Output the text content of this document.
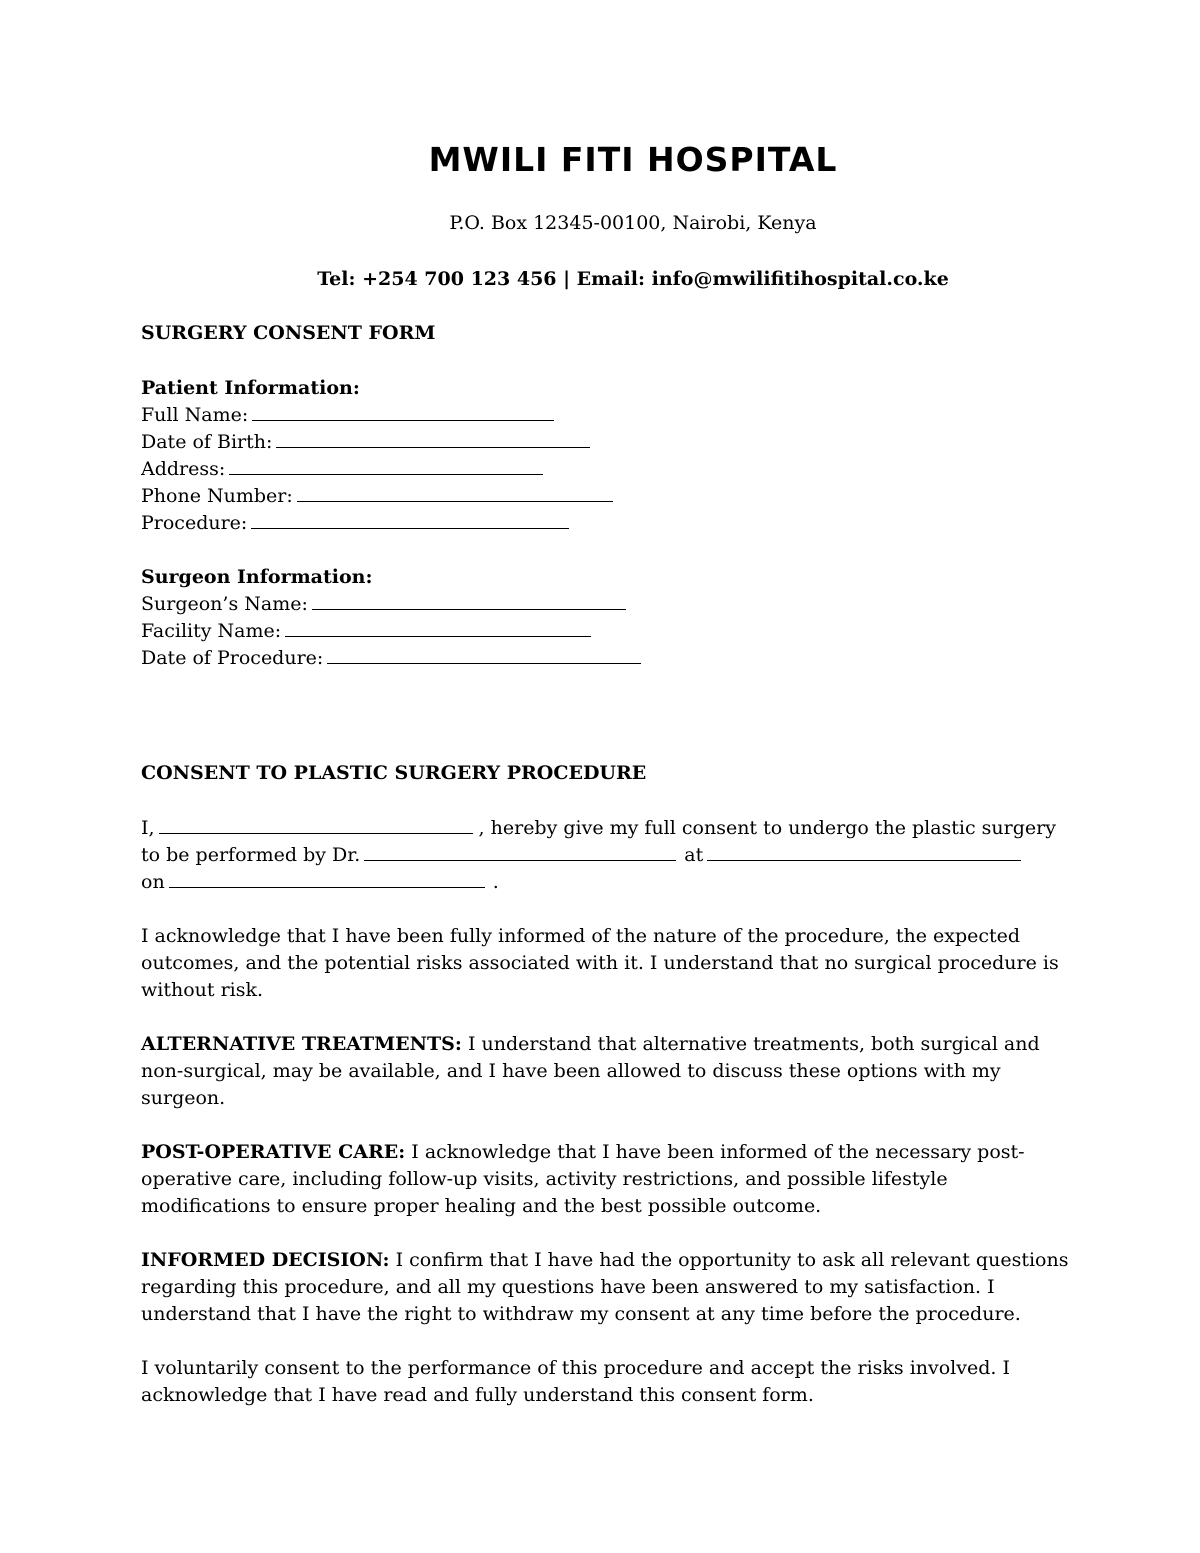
MWILI FITI HOSPITAL
P.O. Box 12345-00100, Nairobi, Kenya
Tel: +254 700 123 456 | Email: info@mwilifitihospital.co.ke
SURGERY CONSENT FORM
Patient Information:
Full Name:
Date of Birth:
Address:
Phone Number:
Procedure:
Surgeon Information:
Surgeon’s Name:
Facility Name:
Date of Procedure:
CONSENT TO PLASTIC SURGERY PROCEDURE
I,	, hereby give my full consent to undergo the plastic surgery
to be performed by Dr.	at
on	.

I acknowledge that I have been fully informed of the nature of the procedure, the expected outcomes, and the potential risks associated with it. I understand that no surgical procedure is without risk.

ALTERNATIVE TREATMENTS: I understand that alternative treatments, both surgical and non-surgical, may be available, and I have been allowed to discuss these options with my surgeon.

POST-OPERATIVE CARE: I acknowledge that I have been informed of the necessary post-operative care, including follow-up visits, activity restrictions, and possible lifestyle modifications to ensure proper healing and the best possible outcome.

INFORMED DECISION: I confirm that I have had the opportunity to ask all relevant questions regarding this procedure, and all my questions have been answered to my satisfaction. I understand that I have the right to withdraw my consent at any time before the procedure.

I voluntarily consent to the performance of this procedure and accept the risks involved. I acknowledge that I have read and fully understand this consent form.
